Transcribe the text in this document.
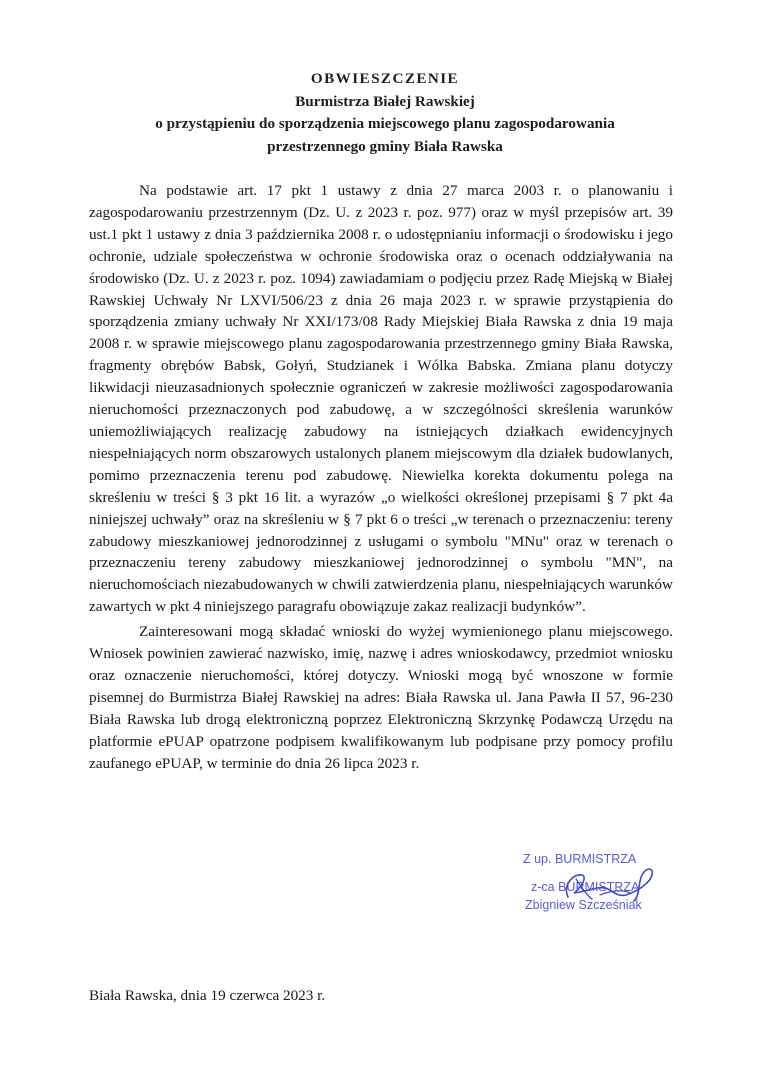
OBWIESZCZENIE
Burmistrza Białej Rawskiej
o przystąpieniu do sporządzenia miejscowego planu zagospodarowania
przestrzennego gminy Biała Rawska

Na podstawie art. 17 pkt 1 ustawy z dnia 27 marca 2003 r. o planowaniu i zagospodarowaniu przestrzennym (Dz. U. z 2023 r. poz. 977) oraz w myśl przepisów art. 39 ust.1 pkt 1 ustawy z dnia 3 października 2008 r. o udostępnianiu informacji o środowisku i jego ochronie, udziale społeczeństwa w ochronie środowiska oraz o ocenach oddziaływania na środowisko (Dz. U. z 2023 r. poz. 1094) zawiadamiam o podjęciu przez Radę Miejską w Białej Rawskiej Uchwały Nr LXVI/506/23 z dnia 26 maja 2023 r. w sprawie przystąpienia do sporządzenia zmiany uchwały Nr XXI/173/08 Rady Miejskiej Biała Rawska z dnia 19 maja 2008 r. w sprawie miejscowego planu zagospodarowania przestrzennego gminy Biała Rawska, fragmenty obrębów Babsk, Gołyń, Studzianek i Wólka Babska. Zmiana planu dotyczy likwidacji nieuzasadnionych społecznie ograniczeń w zakresie możliwości zagospodarowania nieruchomości przeznaczonych pod zabudowę, a w szczególności skreślenia warunków uniemożliwiających realizację zabudowy na istniejących działkach ewidencyjnych niespełniających norm obszarowych ustalonych planem miejscowym dla działek budowlanych, pomimo przeznaczenia terenu pod zabudowę. Niewielka korekta dokumentu polega na skreśleniu w treści § 3 pkt 16 lit. a wyrazów „o wielkości określonej przepisami § 7 pkt 4a niniejszej uchwały” oraz na skreśleniu w § 7 pkt 6 o treści „w terenach o przeznaczeniu: tereny zabudowy mieszkaniowej jednorodzinnej z usługami o symbolu "MNu" oraz w terenach o przeznaczeniu tereny zabudowy mieszkaniowej jednorodzinnej o symbolu "MN", na nieruchomościach niezabudowanych w chwili zatwierdzenia planu, niespełniających warunków zawartych w pkt 4 niniejszego paragrafu obowiązuje zakaz realizacji budynków”.

Zainteresowani mogą składać wnioski do wyżej wymienionego planu miejscowego. Wniosek powinien zawierać nazwisko, imię, nazwę i adres wnioskodawcy, przedmiot wniosku oraz oznaczenie nieruchomości, której dotyczy. Wnioski mogą być wnoszone w formie pisemnej do Burmistrza Białej Rawskiej na adres: Biała Rawska ul. Jana Pawła II 57, 96-230 Biała Rawska lub drogą elektroniczną poprzez Elektroniczną Skrzynkę Podawczą Urzędu na platformie ePUAP opatrzone podpisem kwalifikowanym lub podpisane przy pomocy profilu zaufanego ePUAP, w terminie do dnia 26 lipca 2023 r.

Z up. BURMISTRZA
z-ca BURMISTRZA
Zbigniew Szcześniak
Biała Rawska, dnia 19 czerwca 2023 r.
